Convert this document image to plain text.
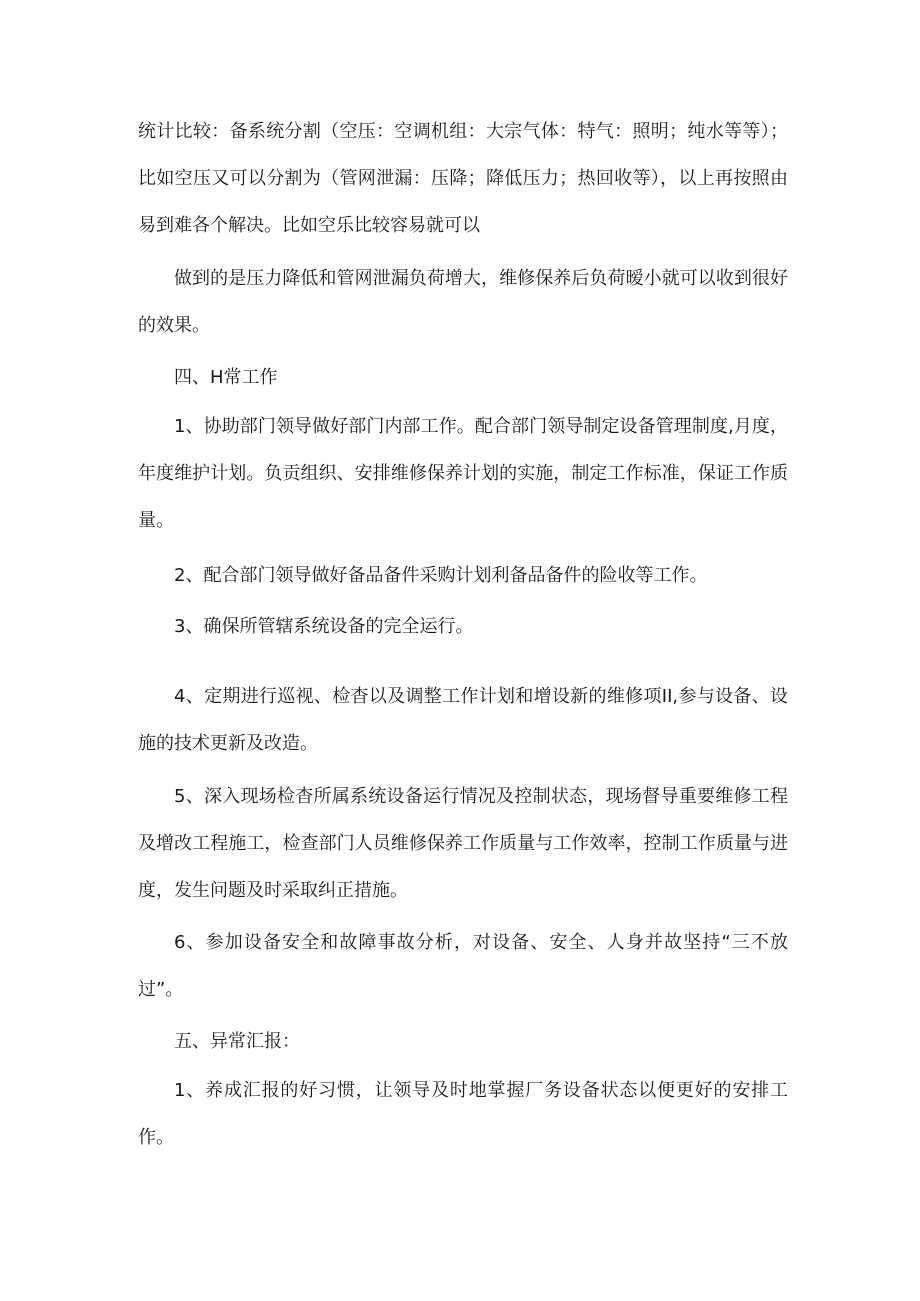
统计比较：备系统分割（空压：空调机组：大宗气体：特气：照明；纯水等等）；比如空压又可以分割为（管网泄漏：压降；降低压力；热回收等），以上再按照由易到难各个解决。比如空乐比较容易就可以

做到的是压力降低和管网泄漏负荷增大，维修保养后负荷暧小就可以收到很好的效果。

四、H常工作

1、协助部门领导做好部门内部工作。配合部门领导制定设备管理制度,月度，年度维护计划。负贡组织、安排维修保养计划的实施，制定工作标准，保证工作质量。

2、配合部门领导做好备品备件采购计划利备品备件的险收等工作。

3、确保所管辖系统设备的完全运行。

4、定期进行巡视、检杳以及调整工作计划和增设新的维修项II,参与设备、设施的技术更新及改造。

5、深入现场检杳所属系统设备运行情况及控制状态，现场督导重要维修工程及增改工程施工，检查部门人员维修保养工作质量与工作效率，控制工作质量与进度，发生问题及时采取纠正措施。

6、参加设备安全和故障事故分析，对设备、安全、人身并故坚持“三不放过”。

五、异常汇报：

1、养成汇报的好习惯，让领导及时地掌握厂务设备状态以便更好的安排工作。
